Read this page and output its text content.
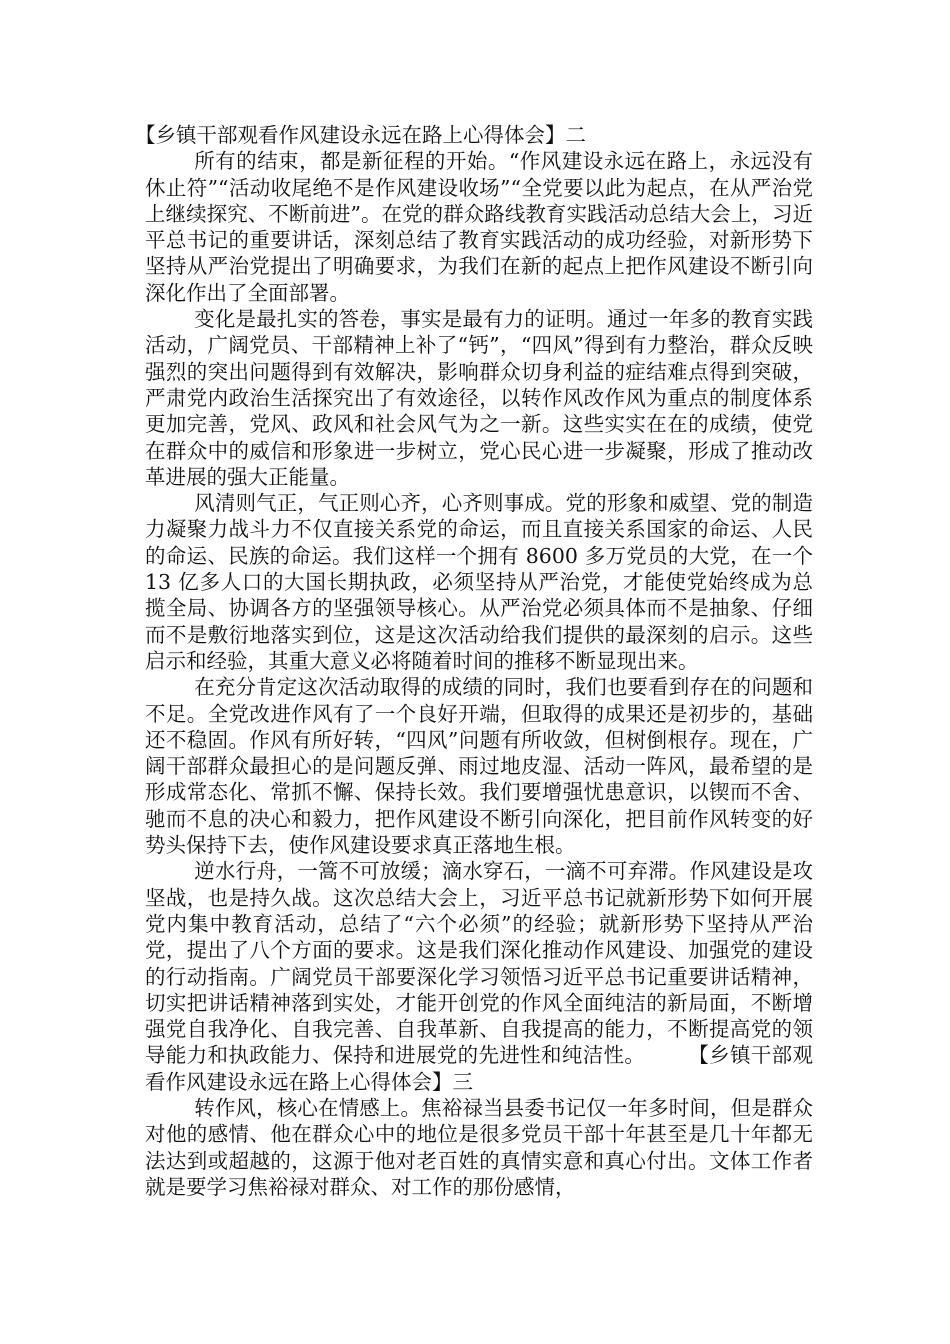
【乡镇干部观看作风建设永远在路上心得体会】二

所有的结束，都是新征程的开始。“作风建设永远在路上，永远没有休止符”“活动收尾绝不是作风建设收场”“全党要以此为起点，在从严治党上继续探究、不断前进”。在党的群众路线教育实践活动总结大会上，习近平总书记的重要讲话，深刻总结了教育实践活动的成功经验，对新形势下坚持从严治党提出了明确要求，为我们在新的起点上把作风建设不断引向深化作出了全面部署。

变化是最扎实的答卷，事实是最有力的证明。通过一年多的教育实践活动，广阔党员、干部精神上补了“钙”，“四风”得到有力整治，群众反映强烈的突出问题得到有效解决，影响群众切身利益的症结难点得到突破，严肃党内政治生活探究出了有效途径，以转作风改作风为重点的制度体系更加完善，党风、政风和社会风气为之一新。这些实实在在的成绩，使党在群众中的威信和形象进一步树立，党心民心进一步凝聚，形成了推动改革进展的强大正能量。

风清则气正，气正则心齐，心齐则事成。党的形象和威望、党的制造力凝聚力战斗力不仅直接关系党的命运，而且直接关系国家的命运、人民的命运、民族的命运。我们这样一个拥有 8600 多万党员的大党，在一个 13 亿多人口的大国长期执政，必须坚持从严治党，才能使党始终成为总揽全局、协调各方的坚强领导核心。从严治党必须具体而不是抽象、仔细而不是敷衍地落实到位，这是这次活动给我们提供的最深刻的启示。这些启示和经验，其重大意义必将随着时间的推移不断显现出来。

在充分肯定这次活动取得的成绩的同时，我们也要看到存在的问题和不足。全党改进作风有了一个良好开端，但取得的成果还是初步的，基础还不稳固。作风有所好转，“四风”问题有所收敛，但树倒根存。现在，广阔干部群众最担心的是问题反弹、雨过地皮湿、活动一阵风，最希望的是形成常态化、常抓不懈、保持长效。我们要增强忧患意识，以锲而不舍、驰而不息的决心和毅力，把作风建设不断引向深化，把目前作风转变的好势头保持下去，使作风建设要求真正落地生根。

逆水行舟，一篙不可放缓；滴水穿石，一滴不可弃滞。作风建设是攻坚战，也是持久战。这次总结大会上，习近平总书记就新形势下如何开展党内集中教育活动，总结了“六个必须”的经验；就新形势下坚持从严治党，提出了八个方面的要求。这是我们深化推动作风建设、加强党的建设的行动指南。广阔党员干部要深化学习领悟习近平总书记重要讲话精神，切实把讲话精神落到实处，才能开创党的作风全面纯洁的新局面，不断增强党自我净化、自我完善、自我革新、自我提高的能力，不断提高党的领导能力和执政能力、保持和进展党的先进性和纯洁性。	【乡镇干部观看作风建设永远在路上心得体会】三

转作风，核心在情感上。焦裕禄当县委书记仅一年多时间，但是群众对他的感情、他在群众心中的地位是很多党员干部十年甚至是几十年都无法达到或超越的，这源于他对老百姓的真情实意和真心付出。文体工作者就是要学习焦裕禄对群众、对工作的那份感情，
